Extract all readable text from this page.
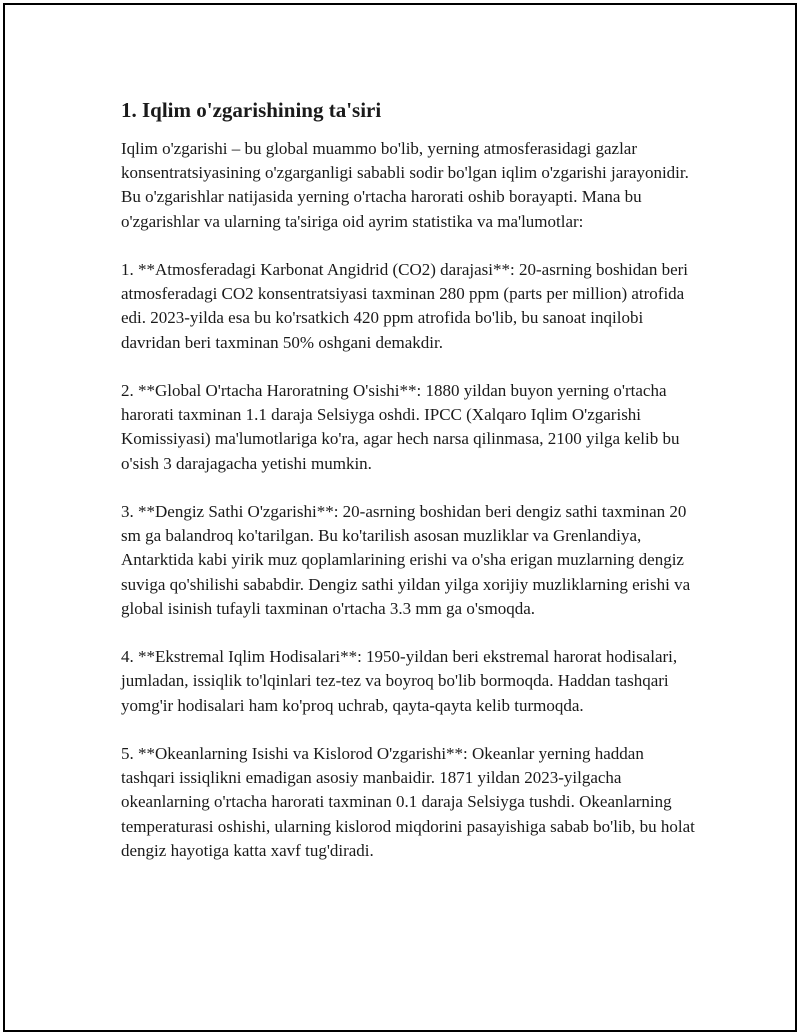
1. Iqlim o'zgarishining ta'siri

Iqlim o'zgarishi – bu global muammo bo'lib, yerning atmosferasidagi gazlar konsentratsiyasining o'zgarganligi sababli sodir bo'lgan iqlim o'zgarishi jarayonidir. Bu o'zgarishlar natijasida yerning o'rtacha harorati oshib borayapti. Mana bu o'zgarishlar va ularning ta'siriga oid ayrim statistika va ma'lumotlar:

1. **Atmosferadagi Karbonat Angidrid (CO2) darajasi**: 20-asrning boshidan beri atmosferadagi CO2 konsentratsiyasi taxminan 280 ppm (parts per million) atrofida edi. 2023-yilda esa bu ko'rsatkich 420 ppm atrofida bo'lib, bu sanoat inqilobi davridan beri taxminan 50% oshgani demakdir.

2. **Global O'rtacha Haroratning O'sishi**: 1880 yildan buyon yerning o'rtacha harorati taxminan 1.1 daraja Selsiyga oshdi. IPCC (Xalqaro Iqlim O'zgarishi Komissiyasi) ma'lumotlariga ko'ra, agar hech narsa qilinmasa, 2100 yilga kelib bu o'sish 3 darajagacha yetishi mumkin.

3. **Dengiz Sathi O'zgarishi**: 20-asrning boshidan beri dengiz sathi taxminan 20 sm ga balandroq ko'tarilgan. Bu ko'tarilish asosan muzliklar va Grenlandiya, Antarktida kabi yirik muz qoplamlarining erishi va o'sha erigan muzlarning dengiz suviga qo'shilishi sababdir. Dengiz sathi yildan yilga xorijiy muzliklarning erishi va global isinish tufayli taxminan o'rtacha 3.3 mm ga o'smoqda.

4. **Ekstremal Iqlim Hodisalari**: 1950-yildan beri ekstremal harorat hodisalari, jumladan, issiqlik to'lqinlari tez-tez va boyroq bo'lib bormoqda. Haddan tashqari yomg'ir hodisalari ham ko'proq uchrab, qayta-qayta kelib turmoqda.

5. **Okeanlarning Isishi va Kislorod O'zgarishi**: Okeanlar yerning haddan tashqari issiqlikni emadigan asosiy manbaidir. 1871 yildan 2023-yilgacha okeanlarning o'rtacha harorati taxminan 0.1 daraja Selsiyga tushdi. Okeanlarning temperaturasi oshishi, ularning kislorod miqdorini pasayishiga sabab bo'lib, bu holat dengiz hayotiga katta xavf tug'diradi.
